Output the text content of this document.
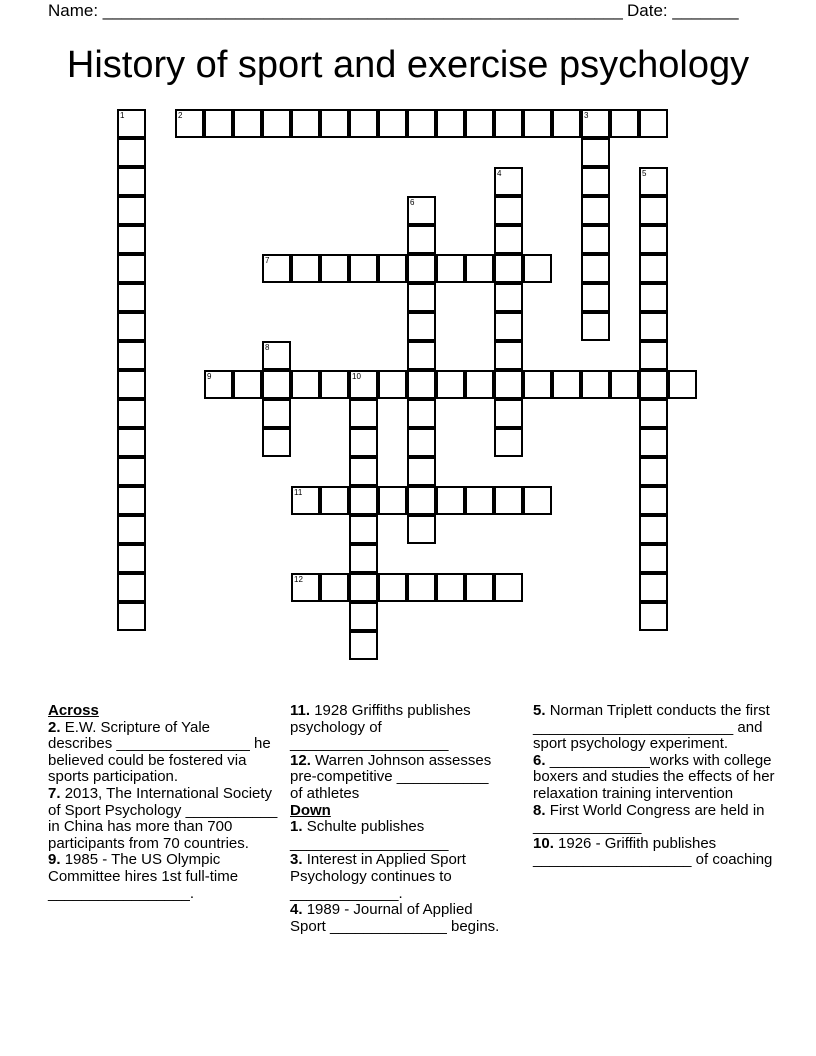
Name: _______________________________________________________ Date: _______
History of sport and exercise psychology
1	2	3
4	5
6
7
8
9	10
11
12

Across

2. E.W. Scripture of Yale describes ________________ he believed could be fostered via sports participation.

7. 2013, The International Society of Sport Psychology ___________ in China has more than 700 participants from 70 countries.

9. 1985 - The US Olympic Committee hires 1st full-time _________________.

11. 1928 Griffiths publishes psychology of ___________________

12. Warren Johnson assesses pre-competitive ___________ of athletes

Down

1. Schulte publishes ___________________

3. Interest in Applied Sport Psychology continues to _____________.

4. 1989 - Journal of Applied Sport ______________ begins.

5. Norman Triplett conducts the first ________________________ and sport psychology experiment.

6. ____________works with college boxers and studies the effects of her relaxation training intervention

8. First World Congress are held in _____________

10. 1926 - Griffith publishes ___________________ of coaching
